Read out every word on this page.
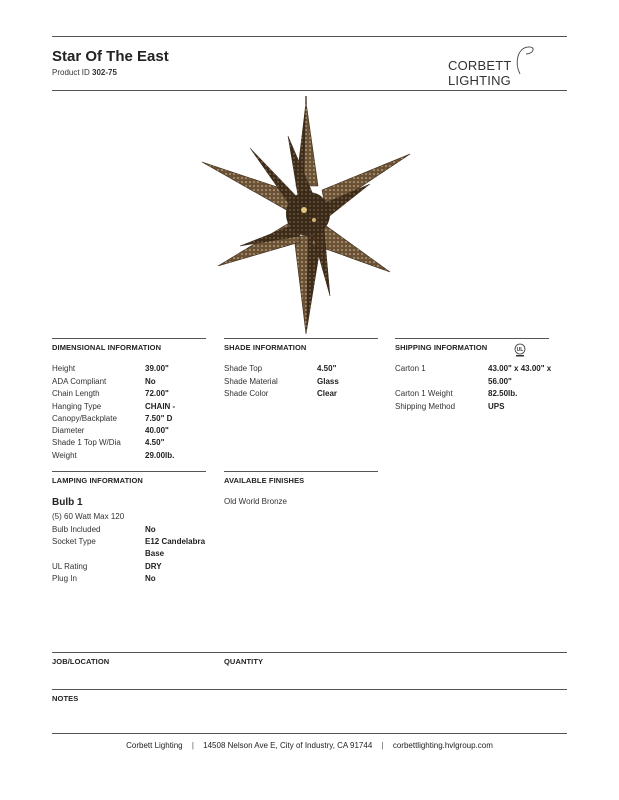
Star Of The East
Product ID 302-75	CORBETT LIGHTING
DIMENSIONAL INFORMATION
Height	39.00"
ADA Compliant	No
Chain Length	72.00"
Hanging Type	CHAIN -
Canopy/Backplate	7.50" D
Diameter	40.00"
Shade 1 Top W/Dia	4.50"
Weight	29.00lb.
SHADE INFORMATION
Shade Top	4.50"
Shade Material	Glass
Shade Color	Clear
SHIPPING INFORMATION	UL
Carton 1	43.00" x 43.00" x
56.00"
Carton 1 Weight	82.50lb.
Shipping Method	UPS
LAMPING INFORMATION
Bulb 1
(5) 60 Watt Max 120
Bulb Included	No
Socket Type	E12 Candelabra
Base
UL Rating	DRY
Plug In	No
AVAILABLE FINISHES
Old World Bronze
JOB/LOCATION	QUANTITY
NOTES
Corbett Lighting | 14508 Nelson Ave E, City of Industry, CA 91744 | corbettlighting.hvlgroup.com
